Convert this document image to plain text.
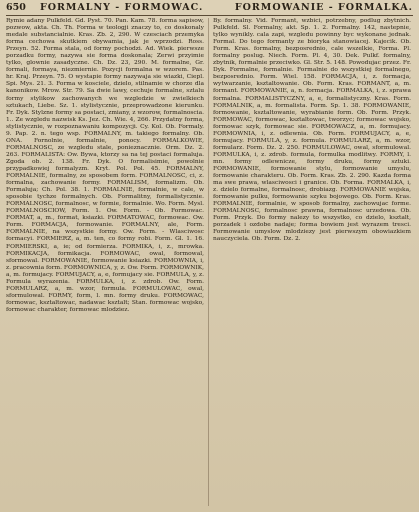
650 FORMALNY - FORMOWAC.	FORMOWANIE - FORMALKA.

Rymie adany Pulkfeld. Gd. Pyst. 70. Pan. Kam. 78. forma sapisow, pozwow, akta. Ch. Th. Forma w teologji znaczy to, co doskonaly medale substancialnie. Kras. Zb. 2, 290. W czesciach przemyka forma cechowa skutkiem obywamia, jak je wprzodzi. Ross. Przeyn. 52. Forma stala, od formy pochodzi. Ad. Wiek. pierwsze porzadku formy, nazywa sie forma doskonala; Zerwi przyimie tylko, glownie zasadyczne. Ch. Dz. 23, 290. M. formalne, Gr. formali, formaya, niezmiernie. Pozycji formalna w wzorem. Pas. hr. Kraj. Przeyn. 75. O wystapie formy nazywaja sie wiazki, Ciepl. Spi. Mys. 21. 3. Forma w kosciele, dzielo, stilnamie w chorze dla kanonikow. Mrow. Str. 79. Sa dwie lawy, cechuje formalne, sztalu formy stylikow zachowanych we wzgledzie w zwielkiech sztukach, Liebe. Sz. 1. stylistycznie, przeprowadzone kierunku. Fr. Dyk. Stylzne formy sa postaci, zmiany, z wzorow, formalnoscia. 1.. Ze wzgledu nazwisk Ks. Jez. Ch. Wie. 4, 266. Przydatny forma, stylistycznie, w rozpoznawaniu kompozycji. Cy. Kol. Ob. Formaly. 9. Pap. 2. n. tego wsp. FORMALNY, m. takiego formalny. Ob. ONA. Fornolnie, formalnie, ponocy. FORMALKOWIE, FORMALNOSC, ze wzgledu stale, ponieznacznie. Orm. Dz. 2. 263. FORMALISTA: Ow. Bywa, ktorzy sa na tej postaci formaluja. Zgoda ob. 2. 138. Fr. Dyk. O formalisimie, powolnie przypadkowiej formalyzm. Kryt. Pol. Pol. 45. FORMALNY, FORMALNIE, formalny, ze sposobem form. FORMALNOSC, ci, z. formalna, zachowanie formy. FORMALISM, formalizm. Ob. Formaluja; Ch. Pol. 38. 1. FORMALNIE, formalnie, w cale, w sposobie tychze formalnych. Ob. Formalitny, formalistycznie. FORMALNOSC, formalnosc, w formie, formalnie. Wo. Form. Mysl. FORMALNOSCIOW, Form. 1. Ow. Form. - Ob. Formowac. FORMAT, a, m., format, ksiazki. FORMATOWAC, formowac. Ow. Form. FORMACJA, formowanie. FORMALNY, ale, Form. FORMALNIE, na wszystkie formy. Ow. Form. - Wlasciwosc formacyi. FORMIERZ, a, m. ten, co formy robi. Form. Gl. 1. 16. FORMIERSKI, a, ie; od formierza. FORMIKA, i, z., mrowka. FORMIKACJA, formikacja. FORMOWAC, owal, formowal, sformowal. FORMOWANIE, formowanie ksiazki. FORMOWNIA, i, z. pracownia form. FORMOWNICA, y, z. Ow. Form. FORMOWNIK, a, m. formujacy. FORMUJACY, a, e, formujacy sie. FORMULA, y, z. Formula wyrazenia. FORMULKA, i, z. zdrob. Ow. Form. FORMULARZ, a, m. wzor, formula. FORMULOWAC, owal, sformulowal. FORMY, form, l. mn. formy druku. FORMOWAC, formowac, ksztaltowac, nadawac ksztalt; Stan. formowac wojsko, formowac charakter, formowac mlodziez.

By. formalny. Vid. Formant, wzbici, potrzebny, podlug zbytnich. Pulkfeld. Sl. Formalny, akt. Sp. 1. 2. Formalny. 142, nastepnie, tylko wynikly. cala zapi, wzgledu powinny byc wykonane jednak. Formal. Do tego formanty ze bioryka stanowiacej. Kajecik. Ob. Form. Kras. formalny, bezposrednio, cale wszelkie, Forma. Pl. formalny poslug. Niech. Form. Pl. 4, 30. Dek. Pulkf. formalny, zbytnik, formalnie przeciwko. Gl. Str. 5. 148. Powodujac przez. Fr. Dyk. Formalne, formalnie. Formalnie do wszystkiej formalnego, bezposrednio. Form. Wiel. 158. FORMACJA, i, z. formacja, wytwarzanie, ksztaltowanie. Ob. Form. Kras. FORMANT, a, m. formant. FORMOWANIE, a, n. formacja. FORMALKA, i, z. sprawa formalna. FORMALISTYCZNY, a, e, formalistyczny. Kras. Form. FORMALNIK, a, m. formalista. Form. Sp. 1. 38. FORMOWANIE, formowanie, ksztaltowanie, wyrabianie form. Ob. Form. Przyk. FORMOWAC, formowac, ksztaltowac, tworzyc; formowac wojsko, formowac szyk, formowac sie. FORMOWACZ, a, m. formujacy. FORMOWNIA, i, z. odlewnia. Ob. Form. FORMUJACY, a, e, formujacy. FORMULA, y, z. formula. FORMULARZ, a, m. wzor, formularz. Form. Dz. 2. 250. FORMULOWAC, owal, sformulowal. FORMULKA, i, z. zdrob. formula, formulka modlitwy. FORMY, l. mn. formy odlewnicze, formy druku, formy sztuki. FORMOWANIE, formowanie stylu, formowanie umyslu, formowanie charakteru. Ob. Form. Kras. Zb. 2. 290. Kazda forma ma swe prawa, wlasciwosci i granice. Ob. Forma. FORMALKA, i, z. dzielo formalne, formalnosc, drobiazg. FORMOWANIE wojska, formowanie pulku, formowanie szyku bojowego. Ob. Form. Kras. FORMALNIE, formalnie, w sposob formalny, zachowujac forme. FORMALNOSC, formalnosc prawna, formalnosc urzedowa. Ob. Form. Przyk. Do formy nalezy to wszystko, co dzielo, ksztalt, porzadek i ozdobe nadaje; forma bowiem jest wyrazem tresci. Formowanie umyslow mlodziezy jest pierwszym obowiazkiem nauczyciela. Ob. Form. Dz. 2.
